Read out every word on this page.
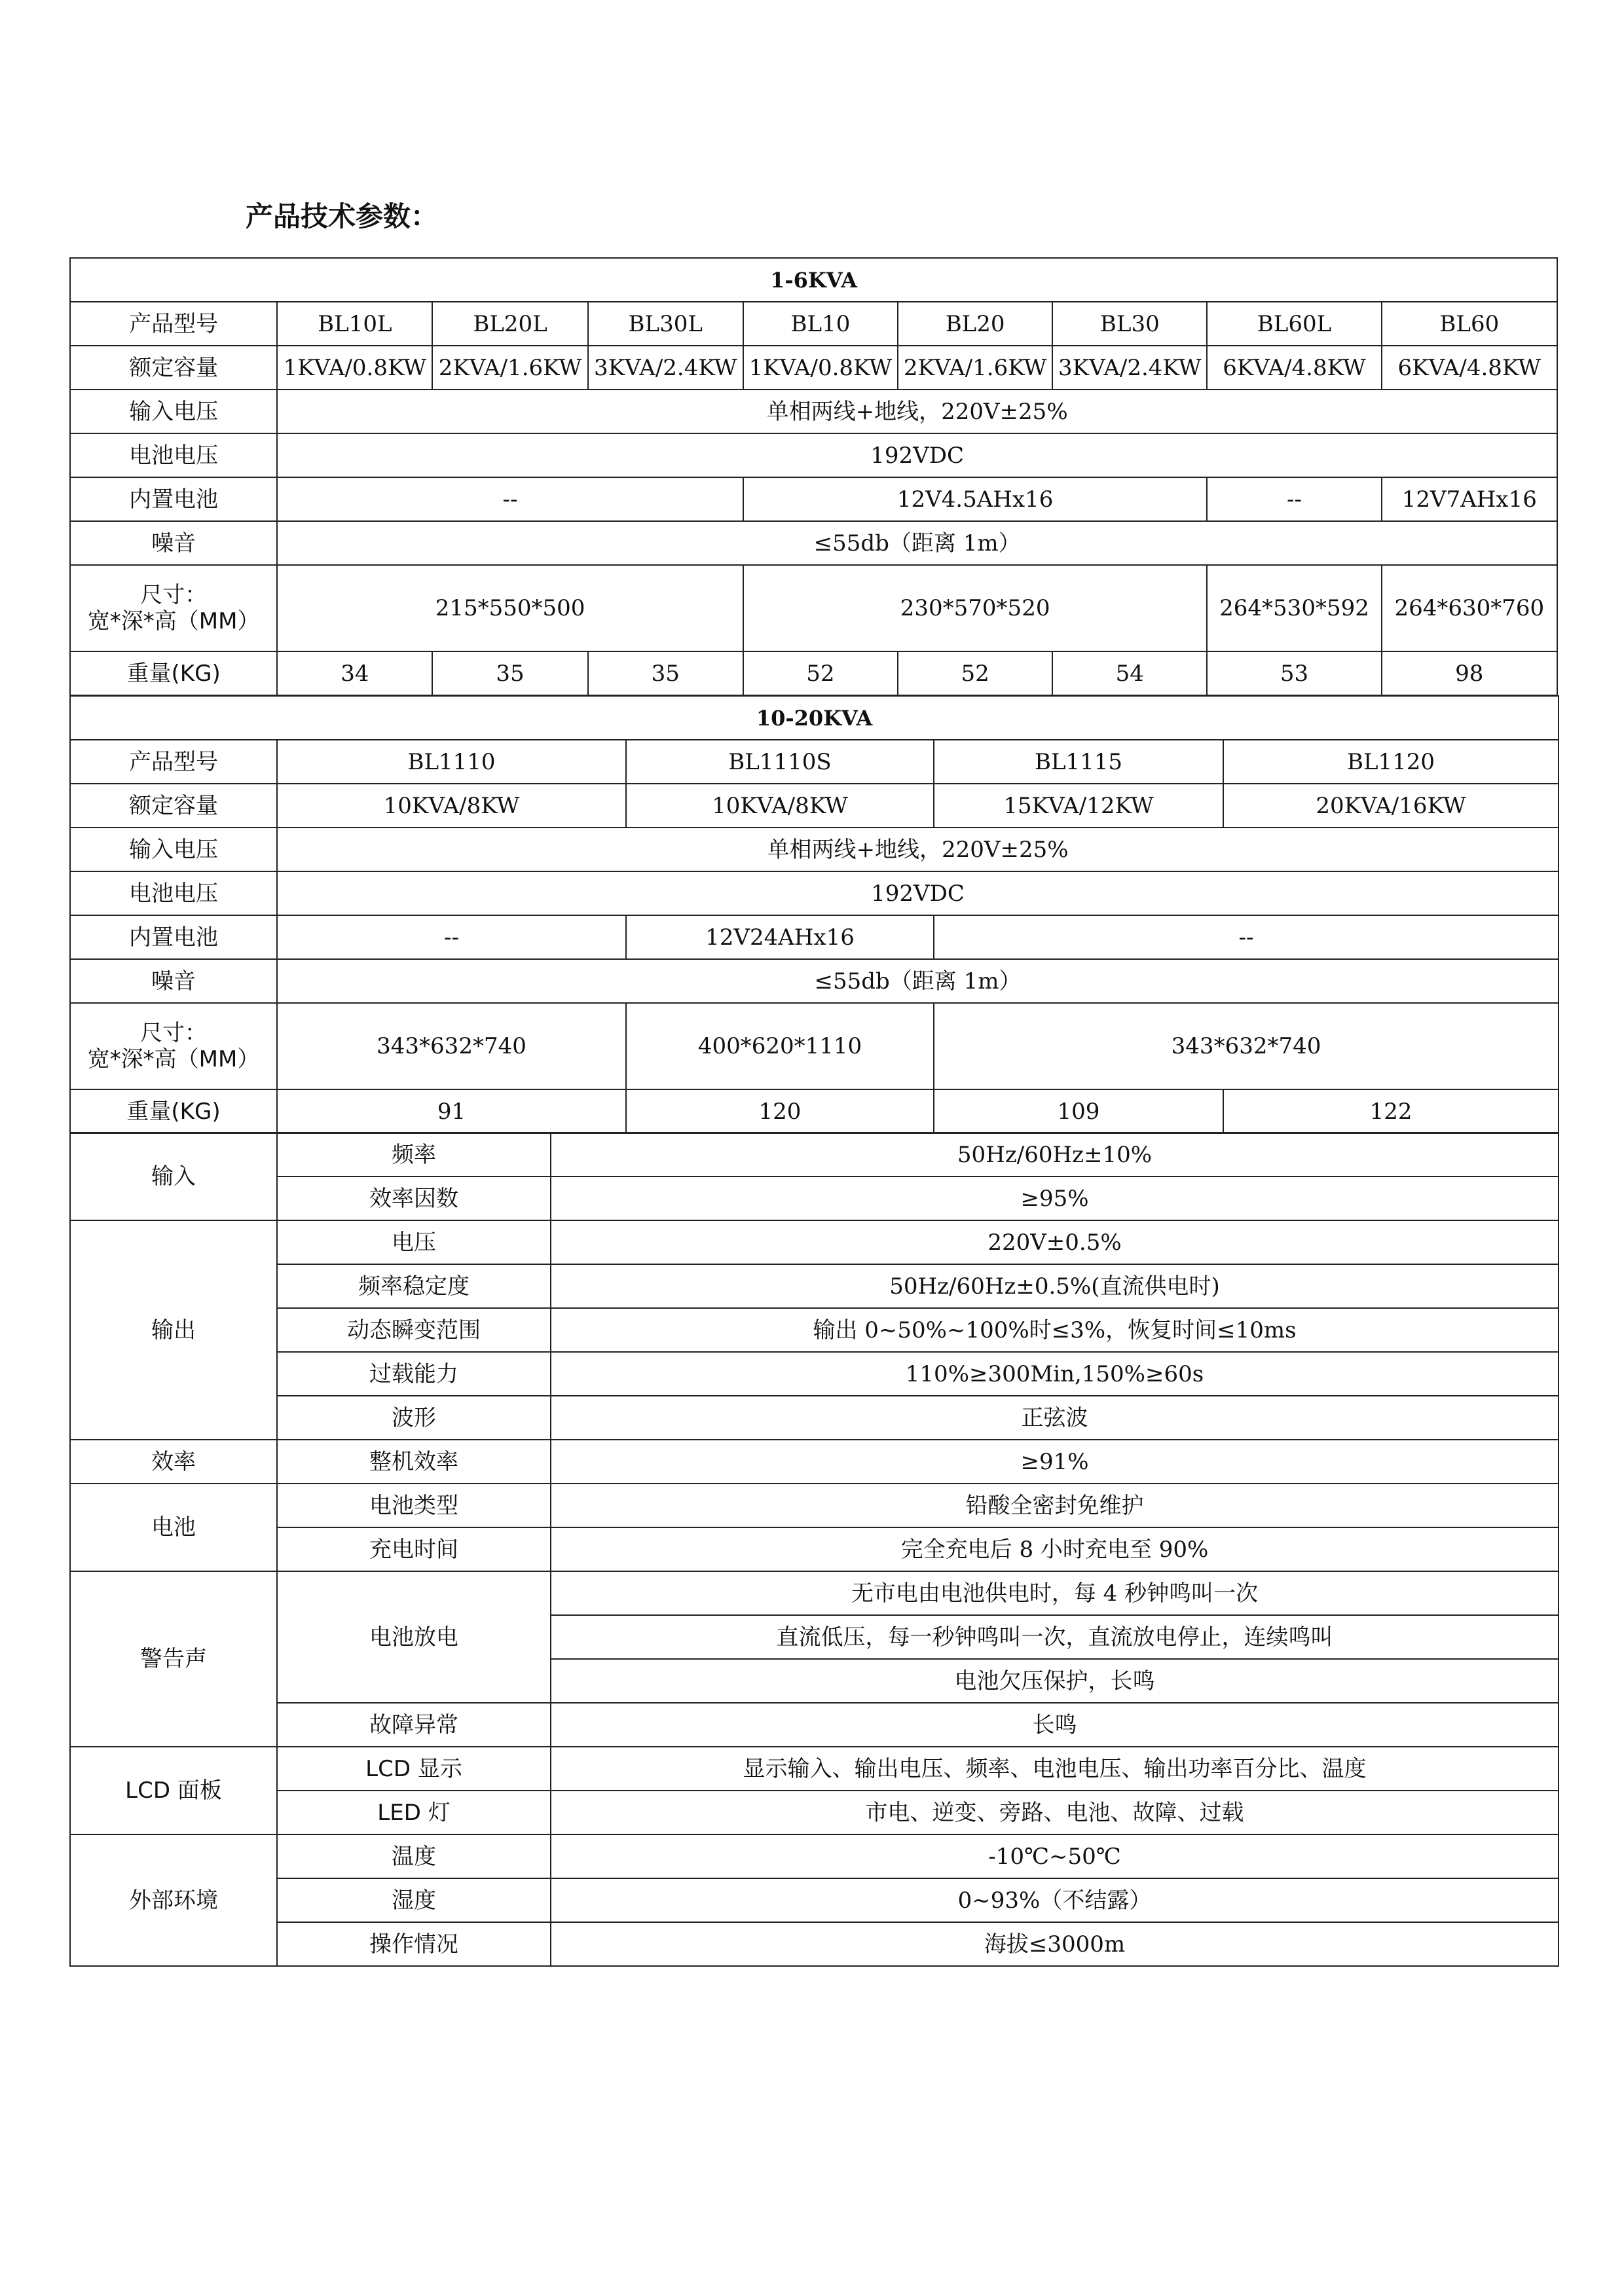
产品技术参数：
1-6KVA								
产品型号	BL10L	BL20L	BL30L	BL10	BL20	BL30	BL60L	BL60
额定容量	1KVA/0.8KW	2KVA/1.6KW	3KVA/2.4KW	1KVA/0.8KW	2KVA/1.6KW	3KVA/2.4KW	6KVA/4.8KW	6KVA/4.8KW
输入电压	单相两线+地线，220V±25%							
电池电压	192VDC							
内置电池	--			12V4.5AHx16			--	12V7AHx16
噪音	≤55db（距离 1m）							

尺寸：
宽*深*高（MM）	215*550*500			230*570*520			264*530*592	264*630*760
重量(KG)	34	35	35	52	52	54	53	98
10-20KVA				
产品型号	BL1110	BL1110S	BL1115	BL1120
额定容量	10KVA/8KW	10KVA/8KW	15KVA/12KW	20KVA/16KW
输入电压	单相两线+地线，220V±25%			
电池电压	192VDC			
内置电池	--	12V24AHx16	--	
噪音	≤55db（距离 1m）			

尺寸：
宽*深*高（MM）	343*632*740	400*620*1110	343*632*740	
重量(KG)	91	120	109	122
输入	频率	50Hz/60Hz±10%
	效率因数	≥95%
输出	电压	220V±0.5%
	频率稳定度	50Hz/60Hz±0.5%(直流供电时)
	动态瞬变范围	输出 0~50%~100%时≤3%，恢复时间≤10ms
	过载能力	110%≥300Min,150%≥60s
	波形	正弦波
效率	整机效率	≥91%
电池	电池类型	铅酸全密封免维护
	充电时间	完全充电后 8 小时充电至 90%
警告声	电池放电	无市电由电池供电时，每 4 秒钟鸣叫一次
		直流低压，每一秒钟鸣叫一次，直流放电停止，连续鸣叫
		电池欠压保护，长鸣
	故障异常	长鸣
LCD 面板	LCD 显示	显示输入、输出电压、频率、电池电压、输出功率百分比、温度
	LED 灯	市电、逆变、旁路、电池、故障、过载
外部环境	温度	-10℃~50℃
	湿度	0~93%（不结露）
	操作情况	海拔≤3000m
